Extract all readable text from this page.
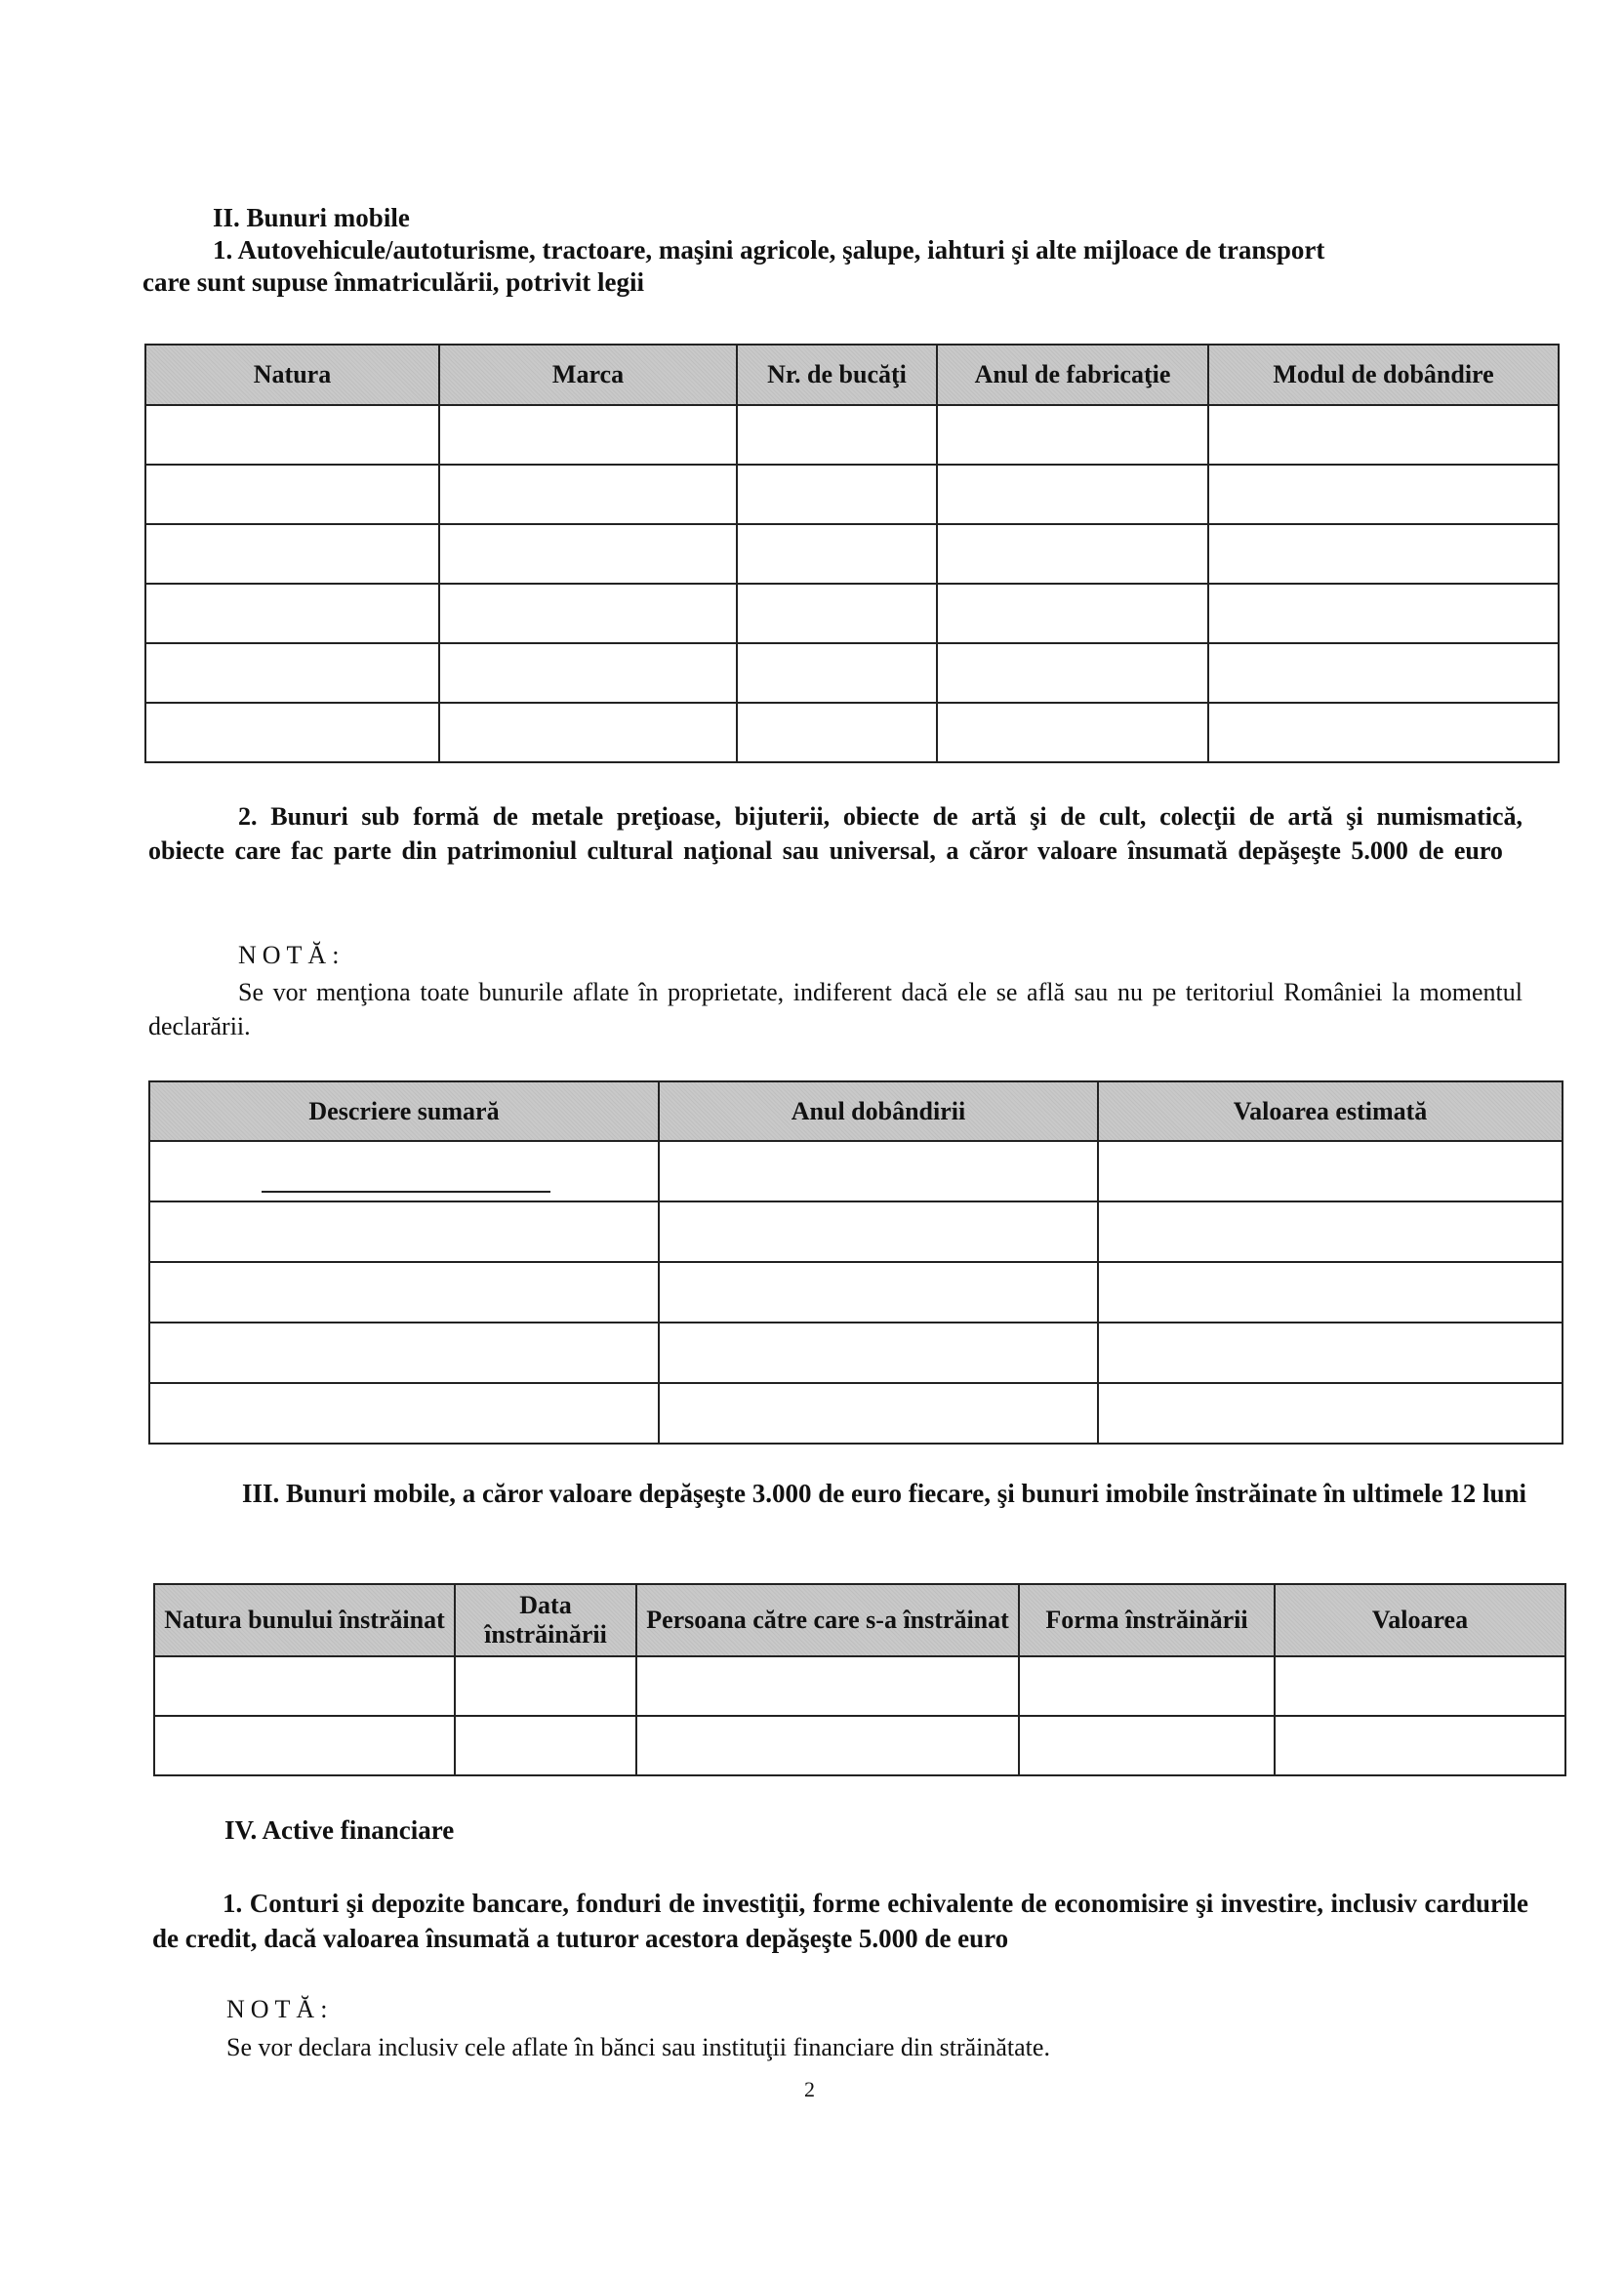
II. Bunuri mobile
1. Autovehicule/autoturisme, tractoare, maşini agricole, şalupe, iahturi şi alte mijloace de transport
care sunt supuse înmatriculării, potrivit legii
Natura	Marca	Nr. de bucăţi	Anul de fabricaţie	Modul de dobândire

2. Bunuri sub formă de metale preţioase, bijuterii, obiecte de artă şi de cult, colecţii de artă şi numismatică, obiecte care fac parte din patrimoniul cultural naţional sau universal, a căror valoare însumată depăşeşte 5.000 de euro
NOTĂ:
Se vor menţiona toate bunurile aflate în proprietate, indiferent dacă ele se află sau nu pe teritoriul României la momentul declarării.
Descriere sumară	Anul dobândirii	Valoarea estimată

III. Bunuri mobile, a căror valoare depăşeşte 3.000 de euro fiecare, şi bunuri imobile înstrăinate în ultimele 12 luni
Natura bunului înstrăinat	Data înstrăinării	Persoana către care s-a înstrăinat	Forma înstrăinării	Valoarea

IV. Active financiare
1. Conturi şi depozite bancare, fonduri de investiţii, forme echivalente de economisire şi investire, inclusiv cardurile de credit, dacă valoarea însumată a tuturor acestora depăşeşte 5.000 de euro
NOTĂ:
Se vor declara inclusiv cele aflate în bănci sau instituţii financiare din străinătate.
2
